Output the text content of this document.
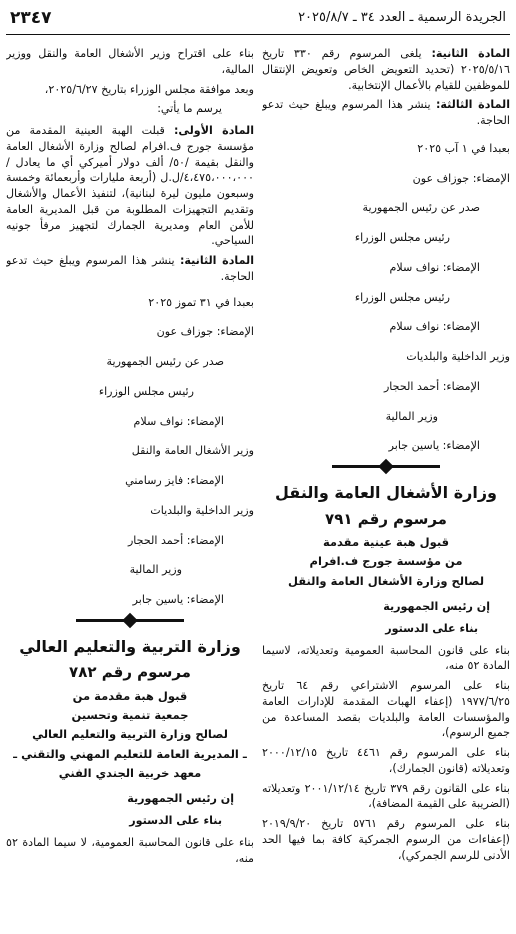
الجريدة الرسمية ـ العدد ٣٤ ـ ٢٠٢٥/٨/٧
٢٣٤٧

المادة الثانية: يلغى المرسوم رقم ٣٣٠ تاريخ ٢٠٢٥/٥/١٦ (تحديد التعويض الخاص وتعويض الإنتقال للموظفين للقيام بالأعمال الإنتخابية.

المادة الثالثة: ينشر هذا المرسوم ويبلغ حيث تدعو الحاجة.

بعبدا في ١ آب ٢٠٢٥
الإمضاء: جوزاف عون
صدر عن رئيس الجمهورية
رئيس مجلس الوزراء
الإمضاء: نواف سلام
رئيس مجلس الوزراء
الإمضاء: نواف سلام
وزير الداخلية والبلديات
الإمضاء: أحمد الحجار
وزير المالية
الإمضاء: ياسين جابر
وزارة الأشغال العامة والنقل
مرسوم رقم ٧٩١
قبول هبة عينية مقدمة
من مؤسسة جورج ف.افرام
لصالح وزارة الأشغال العامة والنقل
إن رئيس الجمهورية
بناء على الدستور

بناء على قانون المحاسبة العمومية وتعديلاته، لاسيما المادة ٥٢ منه،

بناء على المرسوم الاشتراعي رقم ٦٤ تاريخ ١٩٧٧/٦/٢٥ (إعفاء الهبات المقدمة للإدارات العامة والمؤسسات العامة والبلديات بقصد المساعدة من جميع الرسوم)،

بناء على المرسوم رقم ٤٤٦١ تاريخ ٢٠٠٠/١٢/١٥ وتعديلاته (قانون الجمارك)،

بناء على القانون رقم ٣٧٩ تاريخ ٢٠٠١/١٢/١٤ وتعديلاته (الضريبة على القيمة المضافة)،

بناء على المرسوم رقم ٥٧٦١ تاريخ ٢٠١٩/٩/٢٠ (إعفاءات من الرسوم الجمركية كافة بما فيها الحد الأدنى للرسم الجمركي)،

بناء على اقتراح وزير الأشغال العامة والنقل ووزير المالية،

وبعد موافقة مجلس الوزراء بتاريخ ٢٠٢٥/٦/٢٧،

يرسم ما يأتي:

المادة الأولى: قبلت الهبة العينية المقدمة من مؤسسة جورج ف.افرام لصالح وزارة الأشغال العامة والنقل بقيمة /٥٠/ ألف دولار أميركي أي ما يعادل /٤،٤٧٥،٠٠٠،٠٠٠/ل.ل (أربعة مليارات وأربعمائة وخمسة وسبعون مليون ليرة لبنانية)، لتنفيذ الأعمال والأشغال وتقديم التجهيزات المطلوبة من قبل المديرية العامة للأمن العام ومديرية الجمارك لتجهيز مرفأ جونيه السياحي.

المادة الثانية: ينشر هذا المرسوم ويبلغ حيث تدعو الحاجة.

بعبدا في ٣١ تموز ٢٠٢٥
الإمضاء: جوزاف عون
صدر عن رئيس الجمهورية
رئيس مجلس الوزراء
الإمضاء: نواف سلام
وزير الأشغال العامة والنقل
الإمضاء: فايز رسامني
وزير الداخلية والبلديات
الإمضاء: أحمد الحجار
وزير المالية
الإمضاء: ياسين جابر
وزارة التربية والتعليم العالي
مرسوم رقم ٧٨٢
قبول هبة مقدمة من
جمعية تنمية وتحسين
لصالح وزارة التربية والتعليم العالي
ـ المديرية العامة للتعليم المهني والتقني ـ
معهد خربية الجندي الفني
إن رئيس الجمهورية
بناء على الدستور

بناء على قانون المحاسبة العمومية، لا سيما المادة ٥٢ منه،
